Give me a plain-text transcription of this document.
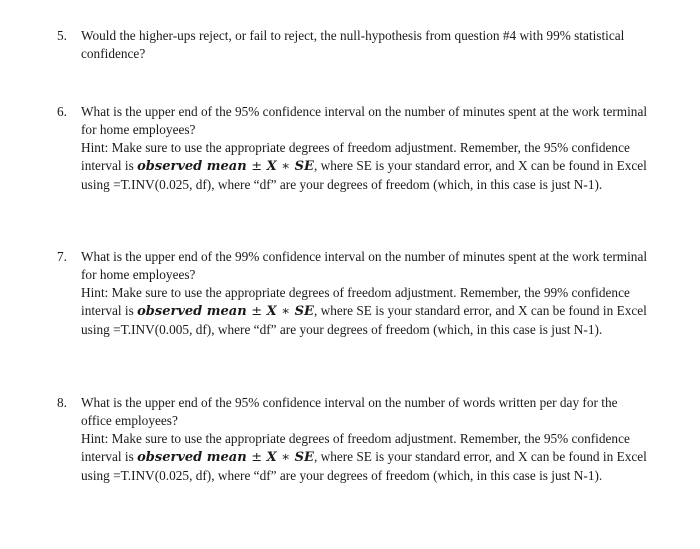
5.	Would the higher-ups reject, or fail to reject, the null-hypothesis from question #4 with 99% statistical confidence?
6.	What is the upper end of the 95% confidence interval on the number of minutes spent at the work terminal for home employees?
Hint: Make sure to use the appropriate degrees of freedom adjustment. Remember, the 95% confidence interval is observed mean ± X ∗ SE, where SE is your standard error, and X can be found in Excel using =T.INV(0.025, df), where “df” are your degrees of freedom (which, in this case is just N-1).
7.	What is the upper end of the 99% confidence interval on the number of minutes spent at the work terminal for home employees?
Hint: Make sure to use the appropriate degrees of freedom adjustment. Remember, the 99% confidence interval is observed mean ± X ∗ SE, where SE is your standard error, and X can be found in Excel using =T.INV(0.005, df), where “df” are your degrees of freedom (which, in this case is just N-1).
8.	What is the upper end of the 95% confidence interval on the number of words written per day for the office employees?
Hint: Make sure to use the appropriate degrees of freedom adjustment. Remember, the 95% confidence interval is observed mean ± X ∗ SE, where SE is your standard error, and X can be found in Excel using =T.INV(0.025, df), where “df” are your degrees of freedom (which, in this case is just N-1).
